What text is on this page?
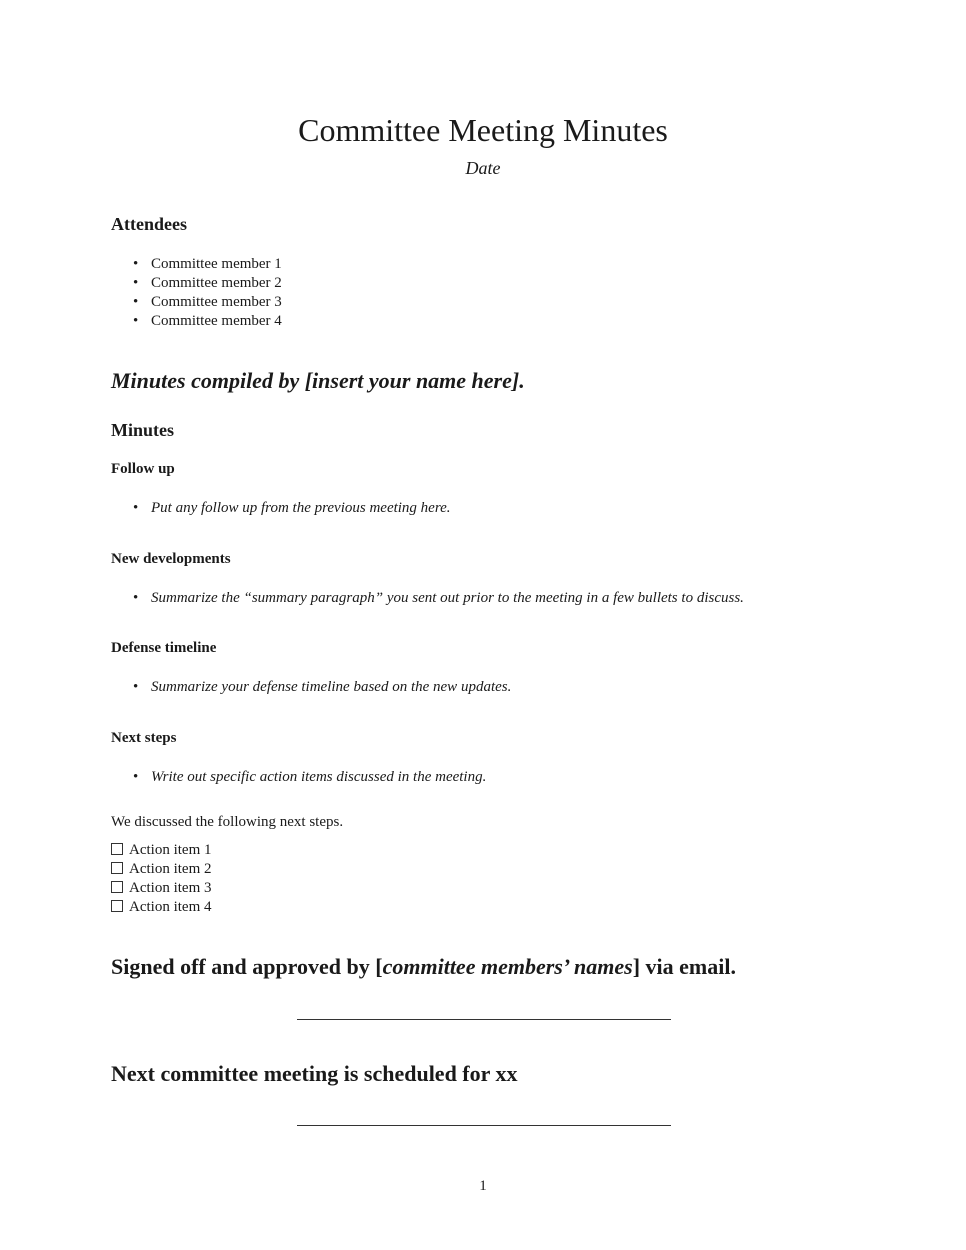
Committee Meeting Minutes
Date
Attendees
• Committee member 1
• Committee member 2
• Committee member 3
• Committee member 4
Minutes compiled by [insert your name here].
Minutes
Follow up
• Put any follow up from the previous meeting here.
New developments
• Summarize the “summary paragraph” you sent out prior to the meeting in a few bullets to discuss.
Defense timeline
• Summarize your defense timeline based on the new updates.
Next steps
• Write out specific action items discussed in the meeting.
We discussed the following next steps.
Action item 1
Action item 2
Action item 3
Action item 4
Signed off and approved by [committee members’ names] via email.
Next committee meeting is scheduled for xx
1
